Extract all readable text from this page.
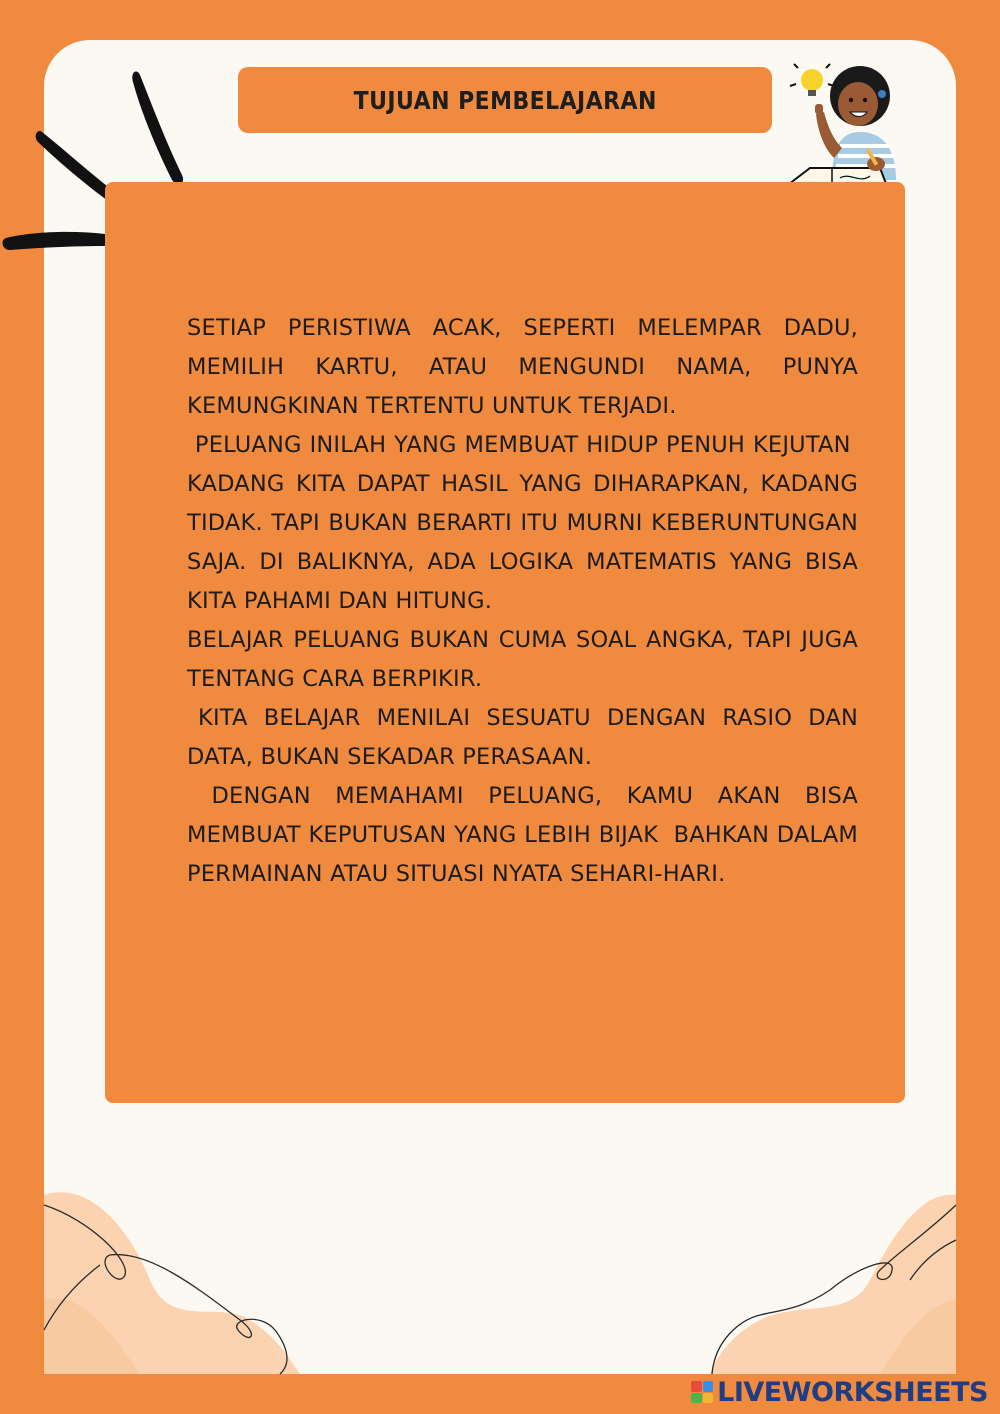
TUJUAN PEMBELAJARAN

SETIAP PERISTIWA ACAK, SEPERTI MELEMPAR DADU, MEMILIH KARTU, ATAU MENGUNDI NAMA, PUNYA KEMUNGKINAN TERTENTU UNTUK TERJADI.

PELUANG INILAH YANG MEMBUAT HIDUP PENUH KEJUTAN  KADANG KITA DAPAT HASIL YANG DIHARAPKAN, KADANG TIDAK. TAPI BUKAN BERARTI ITU MURNI KEBERUNTUNGAN SAJA. DI BALIKNYA, ADA LOGIKA MATEMATIS YANG BISA KITA PAHAMI DAN HITUNG.

BELAJAR PELUANG BUKAN CUMA SOAL ANGKA, TAPI JUGA TENTANG CARA BERPIKIR.

KITA BELAJAR MENILAI SESUATU DENGAN RASIO DAN DATA, BUKAN SEKADAR PERASAAN.

DENGAN MEMAHAMI PELUANG, KAMU AKAN BISA MEMBUAT KEPUTUSAN YANG LEBIH BIJAK  BAHKAN DALAM PERMAINAN ATAU SITUASI NYATA SEHARI-HARI.

LIVEWORKSHEETS
